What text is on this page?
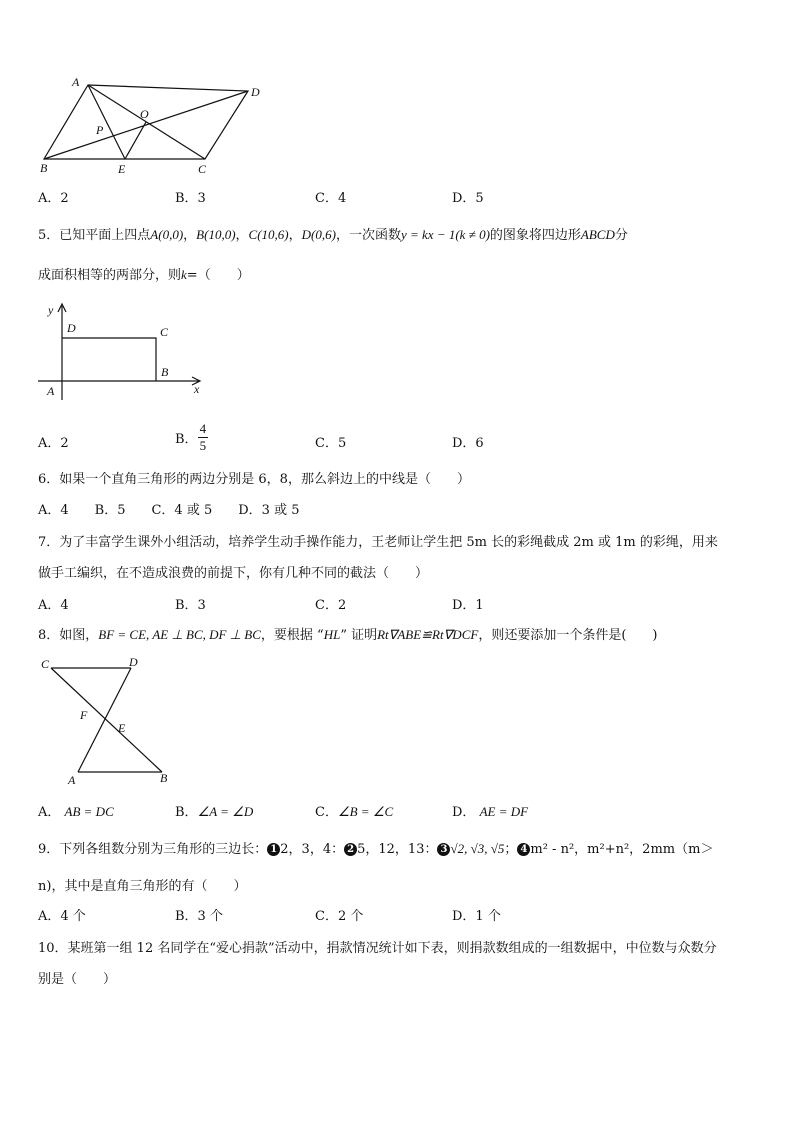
A
D
O
P
B	E	C
A．2	B．3	C．4	D．5
5．已知平面上四点A(0,0)，B(10,0)，C(10,6)，D(0,6)，一次函数y = kx − 1(k ≠ 0)的图象将四边形ABCD分
成面积相等的两部分，则k=（　　）
y
D	C
B
x
A
A．2	B． $\frac{4}{5}$	C．5	D．6
6．如果一个直角三角形的两边分别是 6，8，那么斜边上的中线是（　　）
A．4　　B．5　　C．4 或 5　　D．3 或 5
7．为了丰富学生课外小组活动，培养学生动手操作能力，王老师让学生把 5m 长的彩绳截成 2m 或 1m 的彩绳，用来
做手工编织，在不造成浪费的前提下，你有几种不同的截法（　　）
A．4	B．3	C．2	D．1
8．如图，BF = CE, AE ⊥ BC, DF ⊥ BC，要根据 “HL” 证明Rt∇ABE≌Rt∇DCF，则还要添加一个条件是(　　)
C	D
F
E
A	B
A． AB = DC	B．∠A = ∠D	C．∠B = ∠C	D． AE = DF
9．下列各组数分别为三角形的三边长： 1 2，3，4： 2 5，12，13： 3 √2, √3, √5； 4 m² - n²，m²+n²，2mm（m＞
n)，其中是直角三角形的有（　　）
A．4 个	B．3 个	C．2 个	D．1 个
10．某班第一组 12 名同学在“爱心捐款”活动中，捐款情况统计如下表，则捐款数组成的一组数据中，中位数与众数分
别是（　　）
